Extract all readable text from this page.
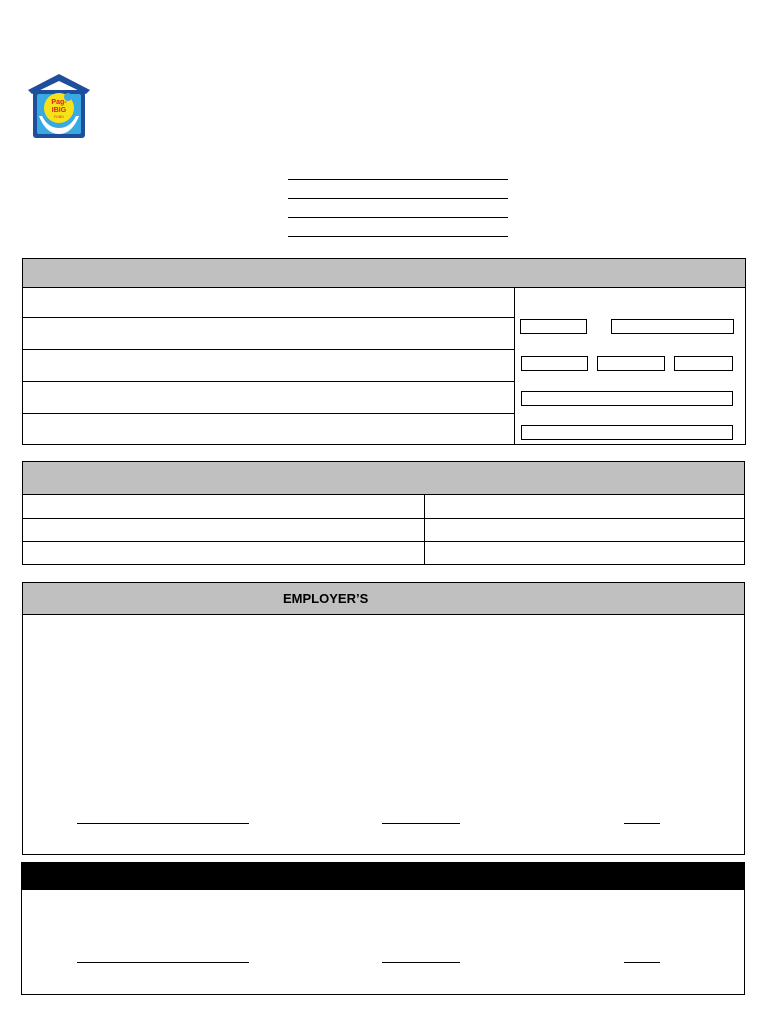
Pag-
IBIG
FUND
EMPLOYER’S
